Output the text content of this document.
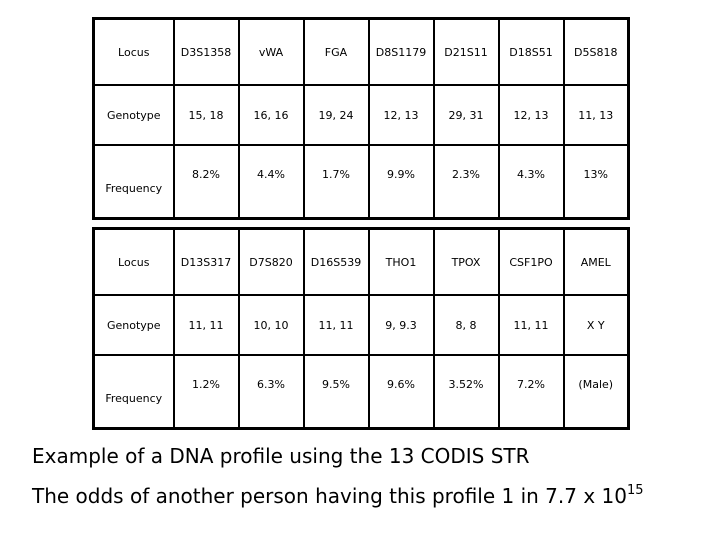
Locus	D3S1358	vWA	FGA	D8S1179	D21S11	D18S51	D5S818
Genotype	15, 18	16, 16	19, 24	12, 13	29, 31	12, 13	11, 13
Frequency	8.2%	4.4%	1.7%	9.9%	2.3%	4.3%	13%
Locus	D13S317	D7S820	D16S539	THO1	TPOX	CSF1PO	AMEL
Genotype	11, 11	10, 10	11, 11	9, 9.3	8, 8	11, 11	X Y
Frequency	1.2%	6.3%	9.5%	9.6%	3.52%	7.2%	(Male)
Example of a DNA profile using the 13 CODIS STR
The odds of another person having this profile 1 in 7.7 x $10^{15}$
